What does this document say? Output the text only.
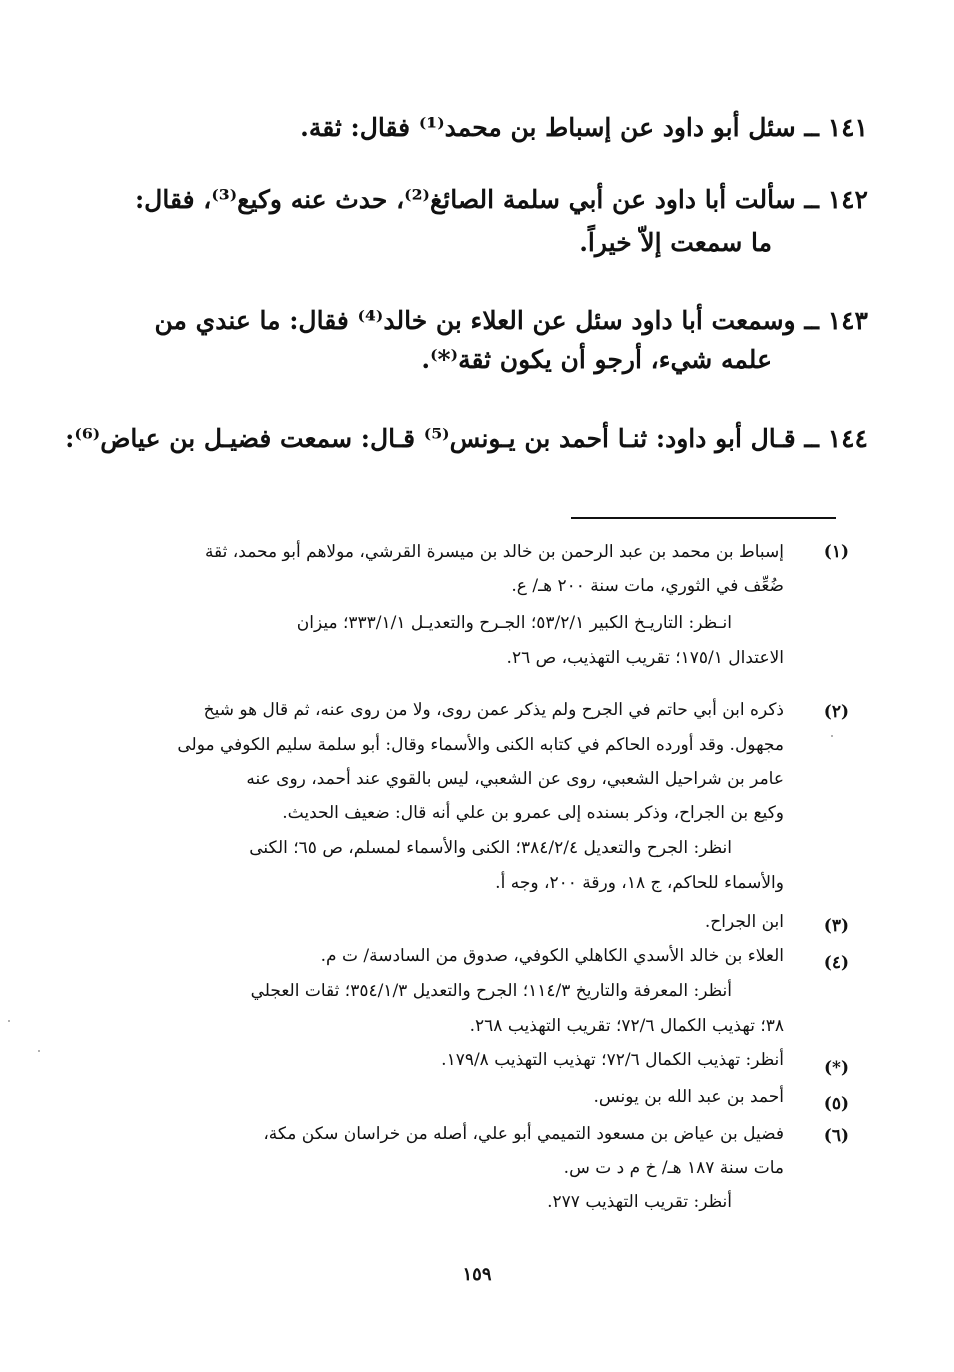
١٤١ ــ سئل أبو داود عن إسباط بن محمد⁽¹⁾ فقال: ثقة.
١٤٢ ــ سألت أبا داود عن أبي سلمة الصائغ⁽²⁾، حدث عنه وكيع⁽³⁾، فقال:
ما سمعت إلاّ خيراً.
١٤٣ ــ وسمعت أبا داود سئل عن العلاء بن خالد⁽⁴⁾ فقال: ما عندي من
علمه شيء، أرجو أن يكون ثقة⁽*⁾.
١٤٤ ــ قـال أبو داود: ثنـا أحمد بن يـونس⁽⁵⁾ قـال: سمعت فضيـل بن عياض⁽⁶⁾:
(١)
إسباط بن محمد بن عبد الرحمن بن خالد بن ميسرة القرشي، مولاهم أبو محمد، ثقة
ضُعِّف في الثوري، مات سنة ٢٠٠ هـ/ ع.
انـظر: التاريـخ الكبير ٥٣/٢/١؛ الجـرح والتعديـل ٣٣٣/١/١؛ ميزان
الاعتدال ١٧٥/١؛ تقريب التهذيب، ص ٢٦.
(٢)
ذكره ابن أبي حاتم في الجرح ولم يذكر عمن روى، ولا من روى عنه، ثم قال هو شيخ
مجهول. وقد أورده الحاكم في كتابه الكنى والأسماء وقال: أبو سلمة سليم الكوفي مولى
عامر بن شراحيل الشعبي، روى عن الشعبي، ليس بالقوي عند أحمد، روى عنه
وكيع بن الجراح، وذكر بسنده إلى عمرو بن علي أنه قال: ضعيف الحديث.
انظر: الجرح والتعديل ٣٨٤/٢/٤؛ الكنى والأسماء لمسلم، ص ٦٥؛ الكنى
والأسماء للحاكم، ج ١٨، ورقة ٢٠٠، وجه أ.
(٣)
ابن الجراح.
(٤)
العلاء بن خالد الأسدي الكاهلي الكوفي، صدوق من السادسة/ ت م.
أنظر: المعرفة والتاريخ ١١٤/٣؛ الجرح والتعديل ٣٥٤/١/٣؛ ثقات العجلي
٣٨؛ تهذيب الكمال ٧٢/٦؛ تقريب التهذيب ٢٦٨.
(*)
أنظر: تهذيب الكمال ٧٢/٦؛ تهذيب التهذيب ١٧٩/٨.
(٥)
أحمد بن عبد الله بن يونس.
(٦)
فضيل بن عياض بن مسعود التميمي أبو علي، أصله من خراسان سكن مكة،
مات سنة ١٨٧ هـ/ خ م د ت س.
أنظر: تقريب التهذيب ٢٧٧.
١٥٩
